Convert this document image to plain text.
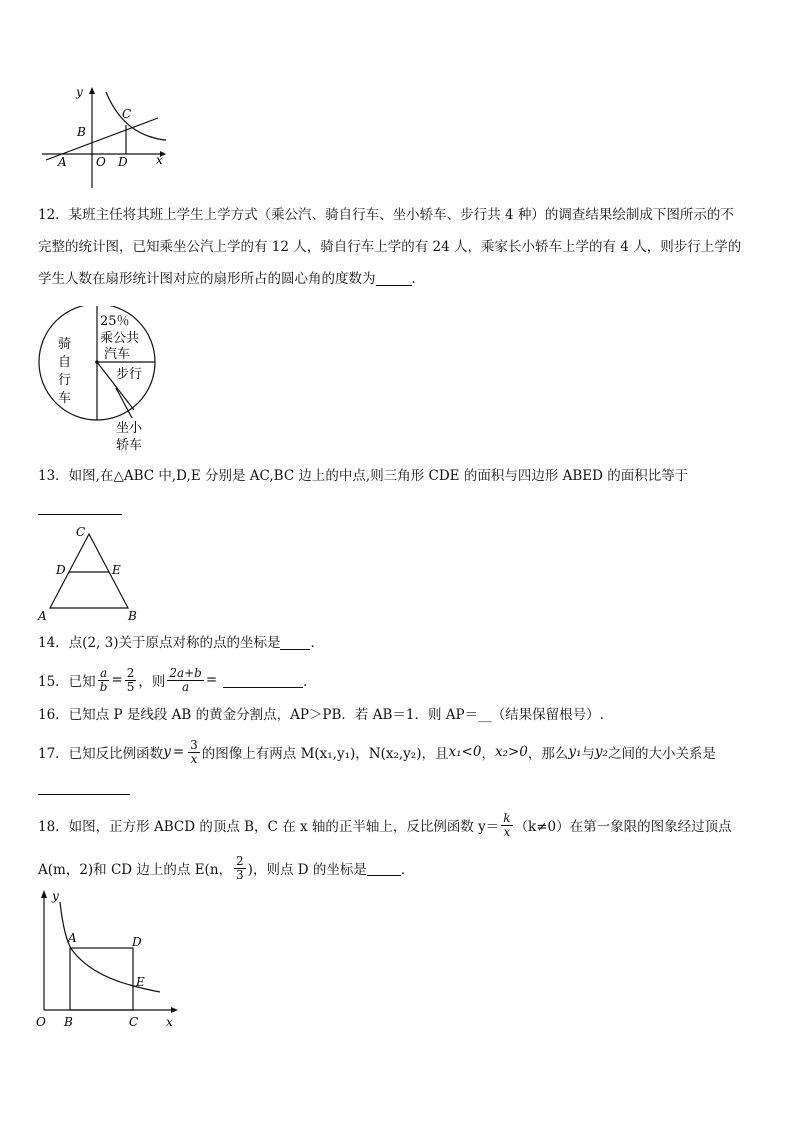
y
x
A
B
O
C
D
12．某班主任将其班上学生上学方式（乘公汽、骑自行车、坐小轿车、步行共 4 种）的调查结果绘制成下图所示的不
完整的统计图，已知乘坐公汽上学的有 12 人，骑自行车上学的有 24 人，乘家长小轿车上学的有 4 人，则步行上学的
学生人数在扇形统计图对应的扇形所占的圆心角的度数为	．
25％
乘公共
汽车
步行
骑
自
行
车
坐小
轿车
13．如图,在△ABC 中,D,E 分别是 AC,BC 边上的中点,则三角形 CDE 的面积与四边形 ABED 的面积比等于
C
D	E
A	B
14．点(2, 3)关于原点对称的点的坐标是 ．
15．已知 $\frac{a}{b} = \frac{2}{5}$ ，则 $\frac{2a+b}{a}$ =	．
16．已知点 P 是线段 AB 的黄金分割点，AP＞PB．若 AB＝1．则 AP＝__（结果保留根号）.
17．已知反比例函数 $y = \frac{3}{x}$ 的图像上有两点 M(x₁,y₁)，N(x₂,y₂)，且 x₁<0 ， x₂>0 ，那么 y₁ 与 y₂ 之间的大小关系是
18．如图，正方形 ABCD 的顶点 B，C 在 x 轴的正半轴上，反比例函数 $y= \frac{k}{x} (k\ne 0)$在第一象限的图象经过顶点
A(m，2)和 CD 边上的点 E(n， $\frac{2}{3}$ )，则点 D 的坐标是	．
y
A	D
E
O B	C x
